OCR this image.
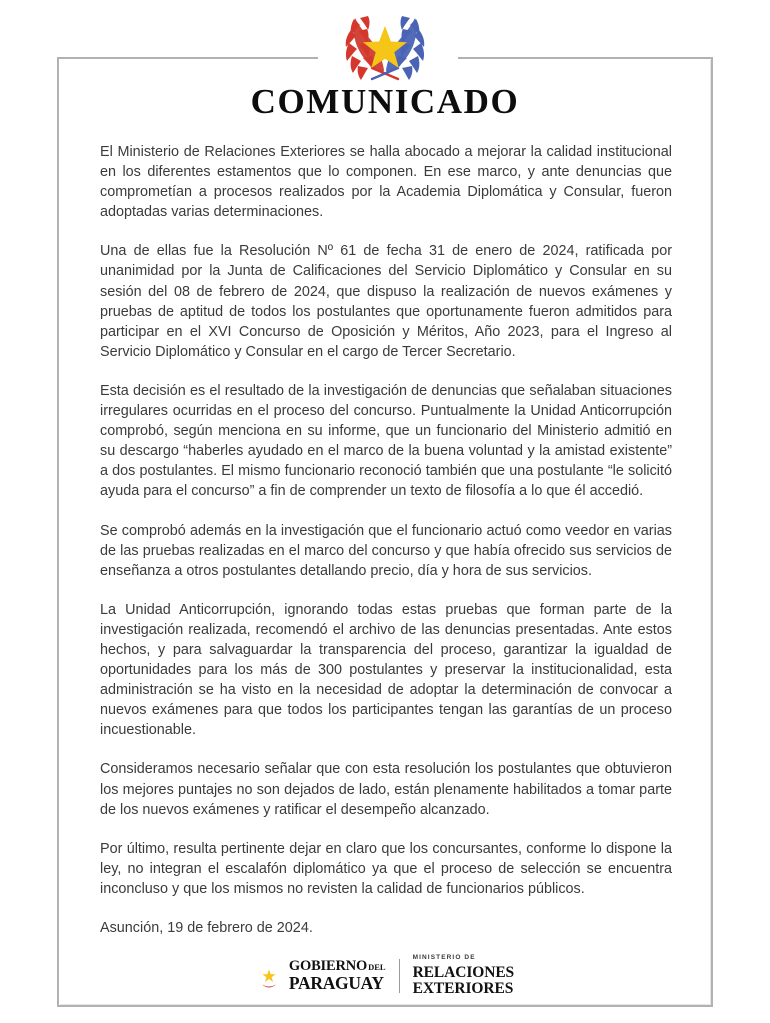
COMUNICADO

El Ministerio de Relaciones Exteriores se halla abocado a mejorar la calidad institucional en los diferentes estamentos que lo componen. En ese marco, y ante denuncias que comprometían a procesos realizados por la Academia Diplomática y Consular, fueron adoptadas varias determinaciones.

Una de ellas fue la Resolución Nº 61 de fecha 31 de enero de 2024, ratificada por unanimidad por la Junta de Calificaciones del Servicio Diplomático y Consular en su sesión del 08 de febrero de 2024, que dispuso la realización de nuevos exámenes y pruebas de aptitud de todos los postulantes que oportunamente fueron admitidos para participar en el XVI Concurso de Oposición y Méritos, Año 2023, para el Ingreso al Servicio Diplomático y Consular en el cargo de Tercer Secretario.

Esta decisión es el resultado de la investigación de denuncias que señalaban situaciones irregulares ocurridas en el proceso del concurso. Puntualmente la Unidad Anticorrupción comprobó, según menciona en su informe, que un funcionario del Ministerio admitió en su descargo “haberles ayudado en el marco de la buena voluntad y la amistad existente” a dos postulantes. El mismo funcionario reconoció también que una postulante “le solicitó ayuda para el concurso” a fin de comprender un texto de filosofía a lo que él accedió.

Se comprobó además en la investigación que el funcionario actuó como veedor en varias de las pruebas realizadas en el marco del concurso y que había ofrecido sus servicios de enseñanza a otros postulantes detallando precio, día y hora de sus servicios.

La Unidad Anticorrupción, ignorando todas estas pruebas que forman parte de la investigación realizada, recomendó el archivo de las denuncias presentadas. Ante estos hechos, y para salvaguardar la transparencia del proceso, garantizar la igualdad de oportunidades para los más de 300 postulantes y preservar la institucionalidad, esta administración se ha visto en la necesidad de adoptar la determinación de convocar a nuevos exámenes para que todos los participantes tengan las garantías de un proceso incuestionable.

Consideramos necesario señalar que con esta resolución los postulantes que obtuvieron los mejores puntajes no son dejados de lado, están plenamente habilitados a tomar parte de los nuevos exámenes y ratificar el desempeño alcanzado.

Por último, resulta pertinente dejar en claro que los concursantes, conforme lo dispone la ley, no integran el escalafón diplomático ya que el proceso de selección se encuentra inconcluso y que los mismos no revisten la calidad de funcionarios públicos.

Asunción, 19 de febrero de 2024.

GOBIERNO DEL
PARAGUAY
MINISTERIO DE
RELACIONES
EXTERIORES
